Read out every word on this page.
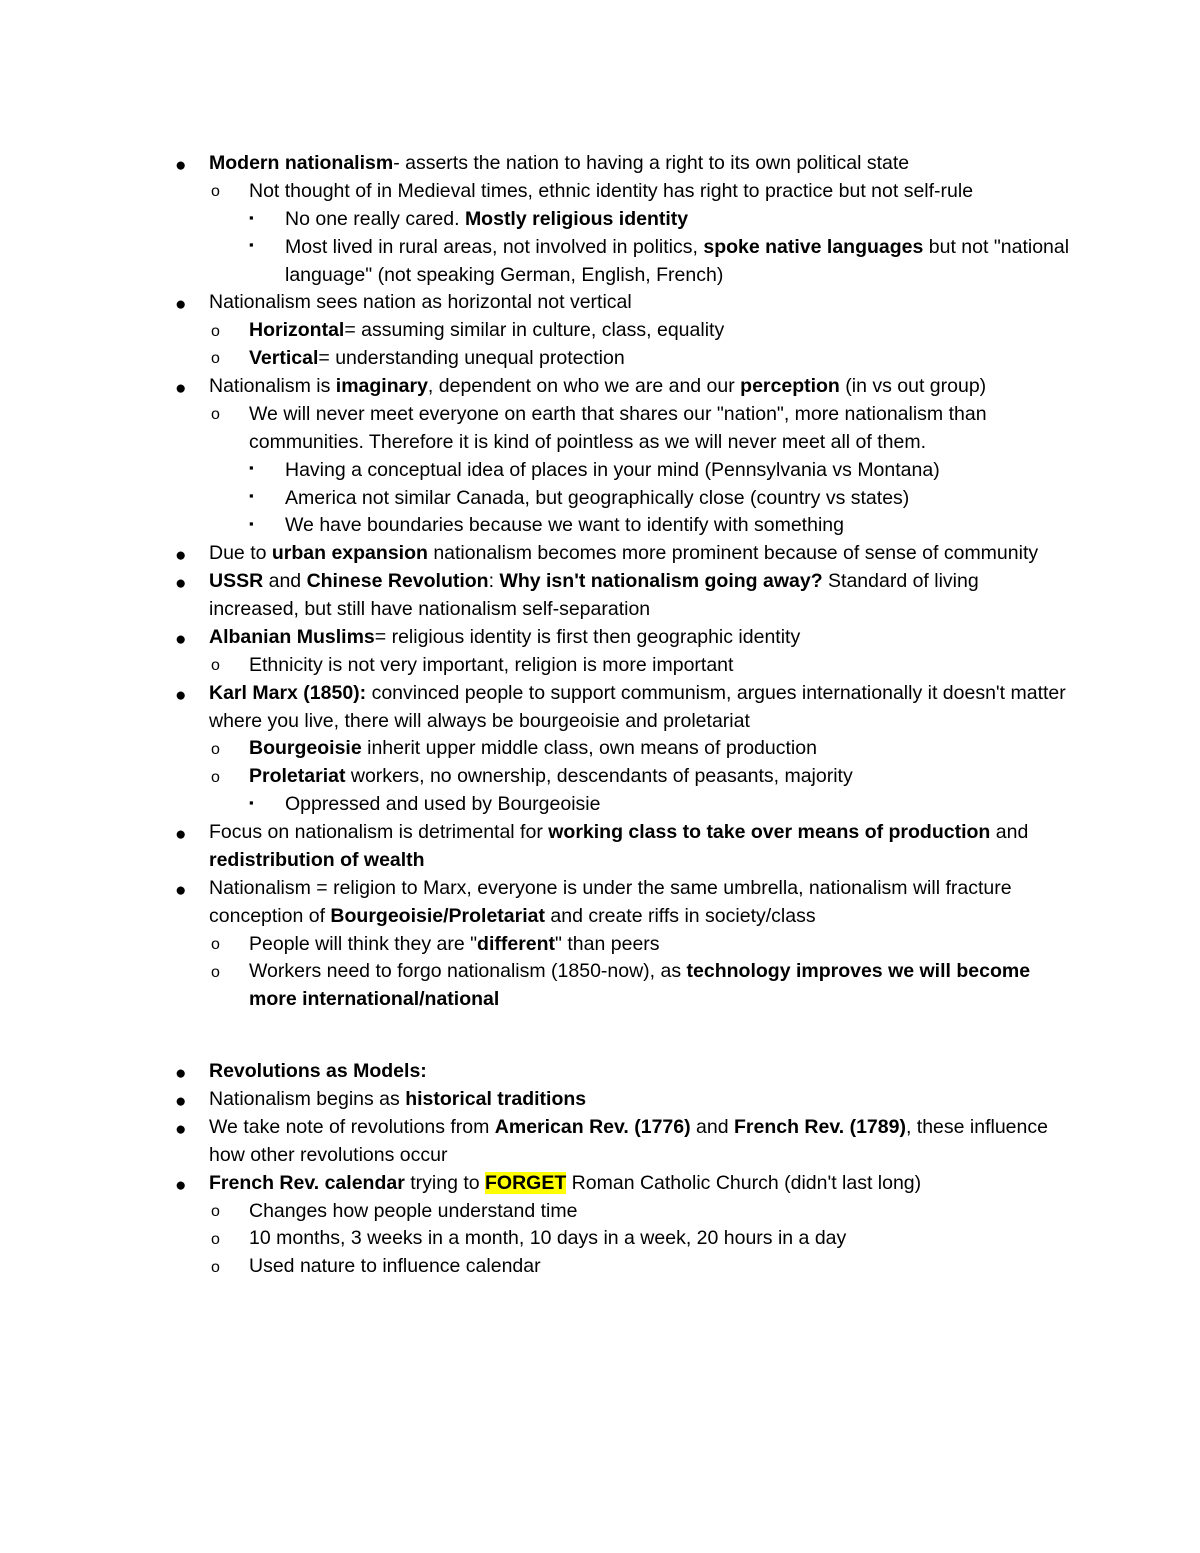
● Modern nationalism- asserts the nation to having a right to its own political state
o Not thought of in Medieval times, ethnic identity has right to practice but not self-rule
▪ No one really cared. Mostly religious identity
▪ Most lived in rural areas, not involved in politics, spoke native languages but not "national language" (not speaking German, English, French)
● Nationalism sees nation as horizontal not vertical
o Horizontal= assuming similar in culture, class, equality
o Vertical= understanding unequal protection
● Nationalism is imaginary, dependent on who we are and our perception (in vs out group)
o We will never meet everyone on earth that shares our "nation", more nationalism than communities. Therefore it is kind of pointless as we will never meet all of them.
▪ Having a conceptual idea of places in your mind (Pennsylvania vs Montana)
▪ America not similar Canada, but geographically close (country vs states)
▪ We have boundaries because we want to identify with something
● Due to urban expansion nationalism becomes more prominent because of sense of community
● USSR and Chinese Revolution: Why isn't nationalism going away? Standard of living increased, but still have nationalism self-separation
● Albanian Muslims= religious identity is first then geographic identity
o Ethnicity is not very important, religion is more important
● Karl Marx (1850): convinced people to support communism, argues internationally it doesn't matter where you live, there will always be bourgeoisie and proletariat
o Bourgeoisie inherit upper middle class, own means of production
o Proletariat workers, no ownership, descendants of peasants, majority
▪ Oppressed and used by Bourgeoisie
● Focus on nationalism is detrimental for working class to take over means of production and redistribution of wealth
● Nationalism = religion to Marx, everyone is under the same umbrella, nationalism will fracture conception of Bourgeoisie/Proletariat and create riffs in society/class
o People will think they are "different" than peers
o Workers need to forgo nationalism (1850-now), as technology improves we will become more international/national
● Revolutions as Models:
● Nationalism begins as historical traditions
● We take note of revolutions from American Rev. (1776) and French Rev. (1789), these influence how other revolutions occur
● French Rev. calendar trying to FORGET Roman Catholic Church (didn't last long)
o Changes how people understand time
o 10 months, 3 weeks in a month, 10 days in a week, 20 hours in a day
o Used nature to influence calendar
